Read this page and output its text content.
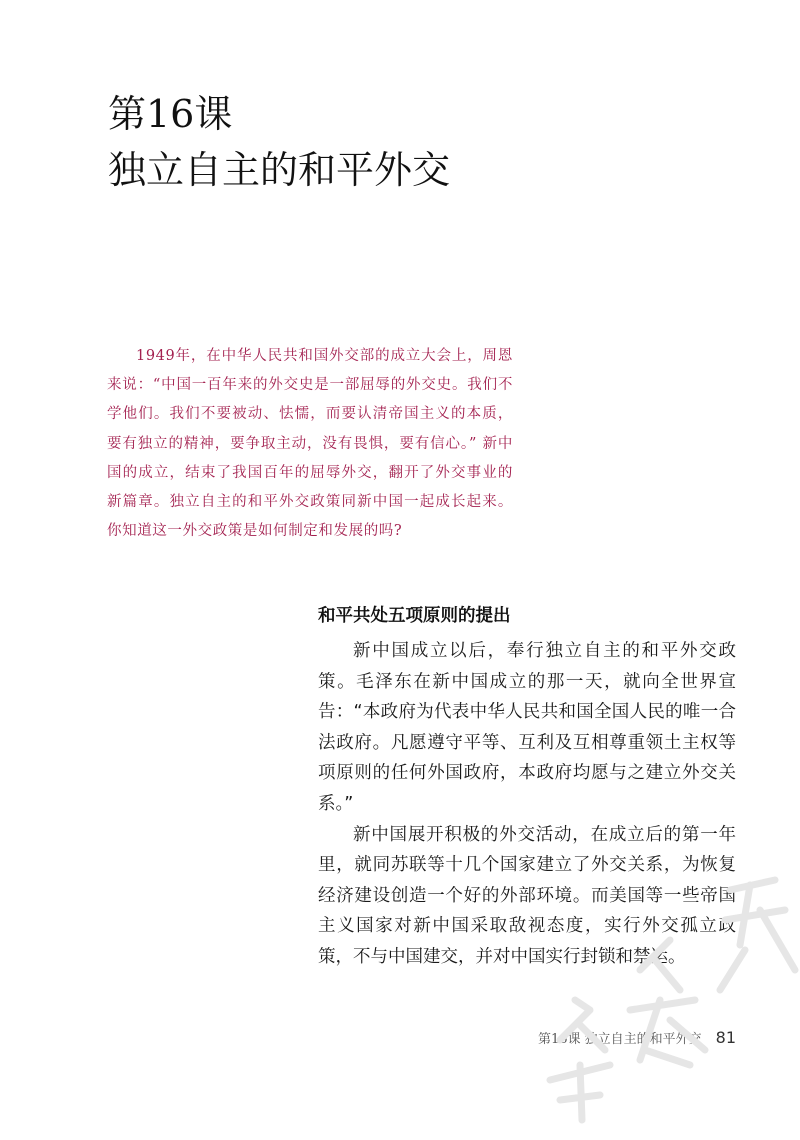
第16课
独立自主的和平外交

1949年，在中华人民共和国外交部的成立大会上，周恩来说：“中国一百年来的外交史是一部屈辱的外交史。我们不学他们。我们不要被动、怯懦，而要认清帝国主义的本质，要有独立的精神，要争取主动，没有畏惧，要有信心。” 新中国的成立，结束了我国百年的屈辱外交，翻开了外交事业的新篇章。独立自主的和平外交政策同新中国一起成长起来。你知道这一外交政策是如何制定和发展的吗?

和平共处五项原则的提出

新中国成立以后，奉行独立自主的和平外交政策。毛泽东在新中国成立的那一天，就向全世界宣告：“本政府为代表中华人民共和国全国人民的唯一合法政府。凡愿遵守平等、互利及互相尊重领土主权等项原则的任何外国政府，本政府均愿与之建立外交关系。”

新中国展开积极的外交活动，在成立后的第一年里，就同苏联等十几个国家建立了外交关系，为恢复经济建设创造一个好的外部环境。而美国等一些帝国主义国家对新中国采取敌视态度，实行外交孤立政策，不与中国建交，并对中国实行封锁和禁运。

第16课 独立自主的和平外交 81
